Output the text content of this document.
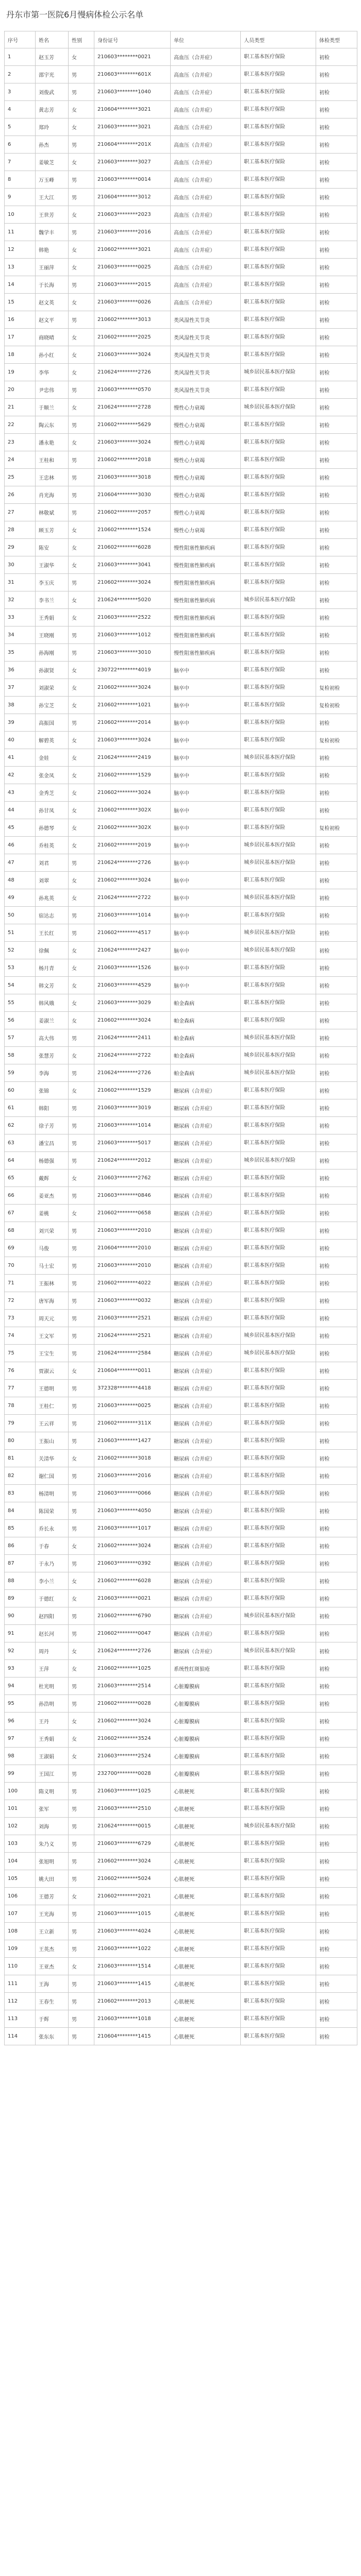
丹东市第一医院6月慢病体检公示名单
序号	姓名	性别	身份证号	单位	人员类型	体检类型
1	赵玉芳	女	210603********0021	高血压（合并症）	职工基本医疗保险	初检
2	邵宇光	男	210603********601X	高血压（合并症）	职工基本医疗保险	初检
3	刘俊武	男	210603********1040	高血压（合并症）	职工基本医疗保险	初检
4	黄志芳	女	210604********3021	高血压（合并症）	职工基本医疗保险	初检
5	郑玲	女	210603********3021	高血压（合并症）	职工基本医疗保险	初检
6	孙杰	男	210604********201X	高血压（合并症）	职工基本医疗保险	初检
7	姜敏芝	女	210603********3027	高血压（合并症）	职工基本医疗保险	初检
8	万玉峰	男	210603********0014	高血压（合并症）	职工基本医疗保险	初检
9	王大江	男	210604********3012	高血压（合并症）	职工基本医疗保险	初检
10	王世芳	女	210603********2023	高血压（合并症）	职工基本医疗保险	初检
11	魏学丰	男	210603********2016	高血压（合并症）	职工基本医疗保险	初检
12	韩艳	女	210602********3021	高血压（合并症）	职工基本医疗保险	初检
13	王丽萍	女	210603********0025	高血压（合并症）	职工基本医疗保险	初检
14	于长海	男	210603********2015	高血压（合并症）	职工基本医疗保险	初检
15	赵文英	女	210603********0026	高血压（合并症）	职工基本医疗保险	初检
16	赵文平	男	210602********3013	类风湿性关节炎	职工基本医疗保险	初检
17	商晓晴	女	210602********2025	类风湿性关节炎	职工基本医疗保险	初检
18	孙小红	女	210603********3024	类风湿性关节炎	职工基本医疗保险	初检
19	李华	女	210624********2726	类风湿性关节炎	城乡居民基本医疗保险	初检
20	尹忠伟	男	210603********0570	类风湿性关节炎	职工基本医疗保险	初检
21	于顺兰	女	210624********2728	慢性心力衰竭	城乡居民基本医疗保险	初检
22	陶云东	男	210602********5629	慢性心力衰竭	职工基本医疗保险	初检
23	潘永艳	女	210603********3024	慢性心力衰竭	职工基本医疗保险	初检
24	王桂和	男	210602********2018	慢性心力衰竭	职工基本医疗保险	初检
25	王忠林	男	210603********3018	慢性心力衰竭	职工基本医疗保险	初检
26	肖光海	男	210604********3030	慢性心力衰竭	职工基本医疗保险	初检
27	林敬斌	男	210602********2057	慢性心力衰竭	职工基本医疗保险	初检
28	顾玉芳	女	210602********1524	慢性心力衰竭	职工基本医疗保险	初检
29	陈安	女	210602********6028	慢性阻塞性肺疾病	职工基本医疗保险	初检
30	王淑华	女	210603********3041	慢性阻塞性肺疾病	职工基本医疗保险	初检
31	李玉庆	男	210602********3024	慢性阻塞性肺疾病	职工基本医疗保险	初检
32	李书兰	女	210624********5020	慢性阻塞性肺疾病	城乡居民基本医疗保险	初检
33	王秀娟	女	210603********2522	慢性阻塞性肺疾病	职工基本医疗保险	初检
34	王晓刚	男	210603********1012	慢性阻塞性肺疾病	职工基本医疗保险	初检
35	孙海刚	男	210603********3010	慢性阻塞性肺疾病	职工基本医疗保险	初检
36	孙淑贤	女	230722********4019	脑卒中	职工基本医疗保险	初检
37	刘淑荣	女	210602********3024	脑卒中	职工基本医疗保险	复检初检
38	孙宝芝	女	210602********1021	脑卒中	职工基本医疗保险	复检初检
39	高振国	男	210602********2014	脑卒中	职工基本医疗保险	初检
40	解碧英	女	210603********3024	脑卒中	职工基本医疗保险	复检初检
41	金娃	女	210624********2419	脑卒中	城乡居民基本医疗保险	初检
42	张金凤	女	210602********1529	脑卒中	职工基本医疗保险	初检
43	金秀芝	女	210602********3024	脑卒中	职工基本医疗保险	初检
44	孙甘凤	女	210602********302X	脑卒中	职工基本医疗保险	初检
45	孙德琴	女	210602********302X	脑卒中	职工基本医疗保险	复检初检
46	乔桂英	女	210602********2019	脑卒中	城乡居民基本医疗保险	初检
47	刘君	男	210624********2726	脑卒中	城乡居民基本医疗保险	初检
48	刘翠	女	210602********3024	脑卒中	职工基本医疗保险	初检
49	孙兆英	女	210624********2722	脑卒中	城乡居民基本医疗保险	初检
50	宿达志	男	210603********1014	脑卒中	职工基本医疗保险	初检
51	王长红	男	210602********4517	脑卒中	城乡居民基本医疗保险	初检
52	徐佩	女	210624********2427	脑卒中	城乡居民基本医疗保险	初检
53	杨月青	女	210603********1526	脑卒中	职工基本医疗保险	初检
54	韩文芳	女	210603********4529	脑卒中	职工基本医疗保险	初检
55	韩风娥	女	210603********3029	帕金森病	职工基本医疗保险	初检
56	姜淑兰	女	210602********3024	帕金森病	职工基本医疗保险	初检
57	高大伟	男	210624********2411	帕金森病	城乡居民基本医疗保险	初检
58	张慧芳	女	210624********2722	帕金森病	城乡居民基本医疗保险	初检
59	李海	男	210624********2726	帕金森病	城乡居民基本医疗保险	初检
60	张锦	女	210602********1529	糖尿病（合并症）	职工基本医疗保险	初检
61	韩阳	男	210603********3019	糖尿病（合并症）	职工基本医疗保险	初检
62	徐子芳	男	210603********1014	糖尿病（合并症）	职工基本医疗保险	初检
63	潘宝昌	男	210603********5017	糖尿病（合并症）	职工基本医疗保险	初检
64	杨德强	男	210624********2012	糖尿病（合并症）	城乡居民基本医疗保险	初检
65	戴辉	女	210603********2762	糖尿病（合并症）	职工基本医疗保险	初检
66	姜亚杰	男	210603********0846	糖尿病（合并症）	职工基本医疗保险	初检
67	姜桃	女	210602********0658	糖尿病（合并症）	职工基本医疗保险	初检
68	刘兴荣	男	210603********2010	糖尿病（合并症）	职工基本医疗保险	初检
69	马俊	男	210604********2010	糖尿病（合并症）	职工基本医疗保险	初检
70	马士宏	男	210603********2010	糖尿病（合并症）	职工基本医疗保险	初检
71	王振林	男	210602********4022	糖尿病（合并症）	职工基本医疗保险	初检
72	唐军海	男	210603********0032	糖尿病（合并症）	职工基本医疗保险	初检
73	周天元	男	210603********2521	糖尿病（合并症）	职工基本医疗保险	初检
74	王文军	男	210624********2521	糖尿病（合并症）	城乡居民基本医疗保险	初检
75	王宝生	男	210624********2584	糖尿病（合并症）	城乡居民基本医疗保险	初检
76	贾淑云	女	210604********0011	糖尿病（合并症）	职工基本医疗保险	初检
77	王德明	男	372328********4418	糖尿病（合并症）	职工基本医疗保险	初检
78	王桂仁	男	210603********0025	糖尿病（合并症）	职工基本医疗保险	初检
79	王云祥	男	210602********311X	糖尿病（合并症）	职工基本医疗保险	初检
80	王振山	男	210603********1427	糖尿病（合并症）	职工基本医疗保险	初检
81	关清华	女	210602********3018	糖尿病（合并症）	职工基本医疗保险	初检
82	谢仁国	男	210603********2016	糖尿病（合并症）	职工基本医疗保险	初检
83	杨清明	男	210603********0066	糖尿病（合并症）	职工基本医疗保险	初检
84	陈国荣	男	210603********4050	糖尿病（合并症）	职工基本医疗保险	初检
85	乔长永	男	210603********1017	糖尿病（合并症）	职工基本医疗保险	初检
86	于春	女	210602********3024	糖尿病（合并症）	职工基本医疗保险	初检
87	于永乃	男	210603********0392	糖尿病（合并症）	职工基本医疗保险	初检
88	李小兰	女	210602********6028	糖尿病（合并症）	职工基本医疗保险	初检
89	于德红	女	210603********0021	糖尿病（合并症）	职工基本医疗保险	初检
90	赵四阳	男	210602********6790	糖尿病（合并症）	城乡居民基本医疗保险	初检
91	赵长河	男	210602********0047	糖尿病（合并症）	职工基本医疗保险	初检
92	周丹	女	210624********2726	糖尿病（合并症）	城乡居民基本医疗保险	初检
93	王萍	女	210602********1025	系统性红斑狼疮	职工基本医疗保险	初检
94	杜光明	男	210603********2514	心脏瓣膜病	职工基本医疗保险	初检
95	孙浩明	男	210602********0028	心脏瓣膜病	职工基本医疗保险	初检
96	王丹	女	210602********3024	心脏瓣膜病	职工基本医疗保险	初检
97	王秀娟	女	210602********3524	心脏瓣膜病	职工基本医疗保险	初检
98	王淑娟	女	210603********2524	心脏瓣膜病	职工基本医疗保险	初检
99	王国江	男	232700********0028	心脏瓣膜病	职工基本医疗保险	初检
100	隋义明	男	210603********1025	心肌梗死	职工基本医疗保险	初检
101	张军	男	210603********2510	心肌梗死	职工基本医疗保险	初检
102	刘海	男	210624********0015	心肌梗死	城乡居民基本医疗保险	初检
103	朱乃义	男	210603********6729	心肌梗死	职工基本医疗保险	初检
104	张旭明	男	210602********3024	心肌梗死	职工基本医疗保险	初检
105	姚大田	男	210602********5024	心肌梗死	职工基本医疗保险	初检
106	王德芳	女	210602********2021	心肌梗死	职工基本医疗保险	初检
107	王光海	男	210603********1015	心肌梗死	职工基本医疗保险	初检
108	王立新	男	210603********4024	心肌梗死	职工基本医疗保险	初检
109	王英杰	男	210603********1022	心肌梗死	职工基本医疗保险	初检
110	王亚杰	女	210603********1514	心肌梗死	职工基本医疗保险	初检
111	王海	男	210603********1415	心肌梗死	职工基本医疗保险	初检
112	王春生	男	210602********2013	心肌梗死	职工基本医疗保险	初检
113	于辉	男	210603********1018	心肌梗死	职工基本医疗保险	初检
114	张东东	男	210604********1415	心肌梗死	职工基本医疗保险	初检
